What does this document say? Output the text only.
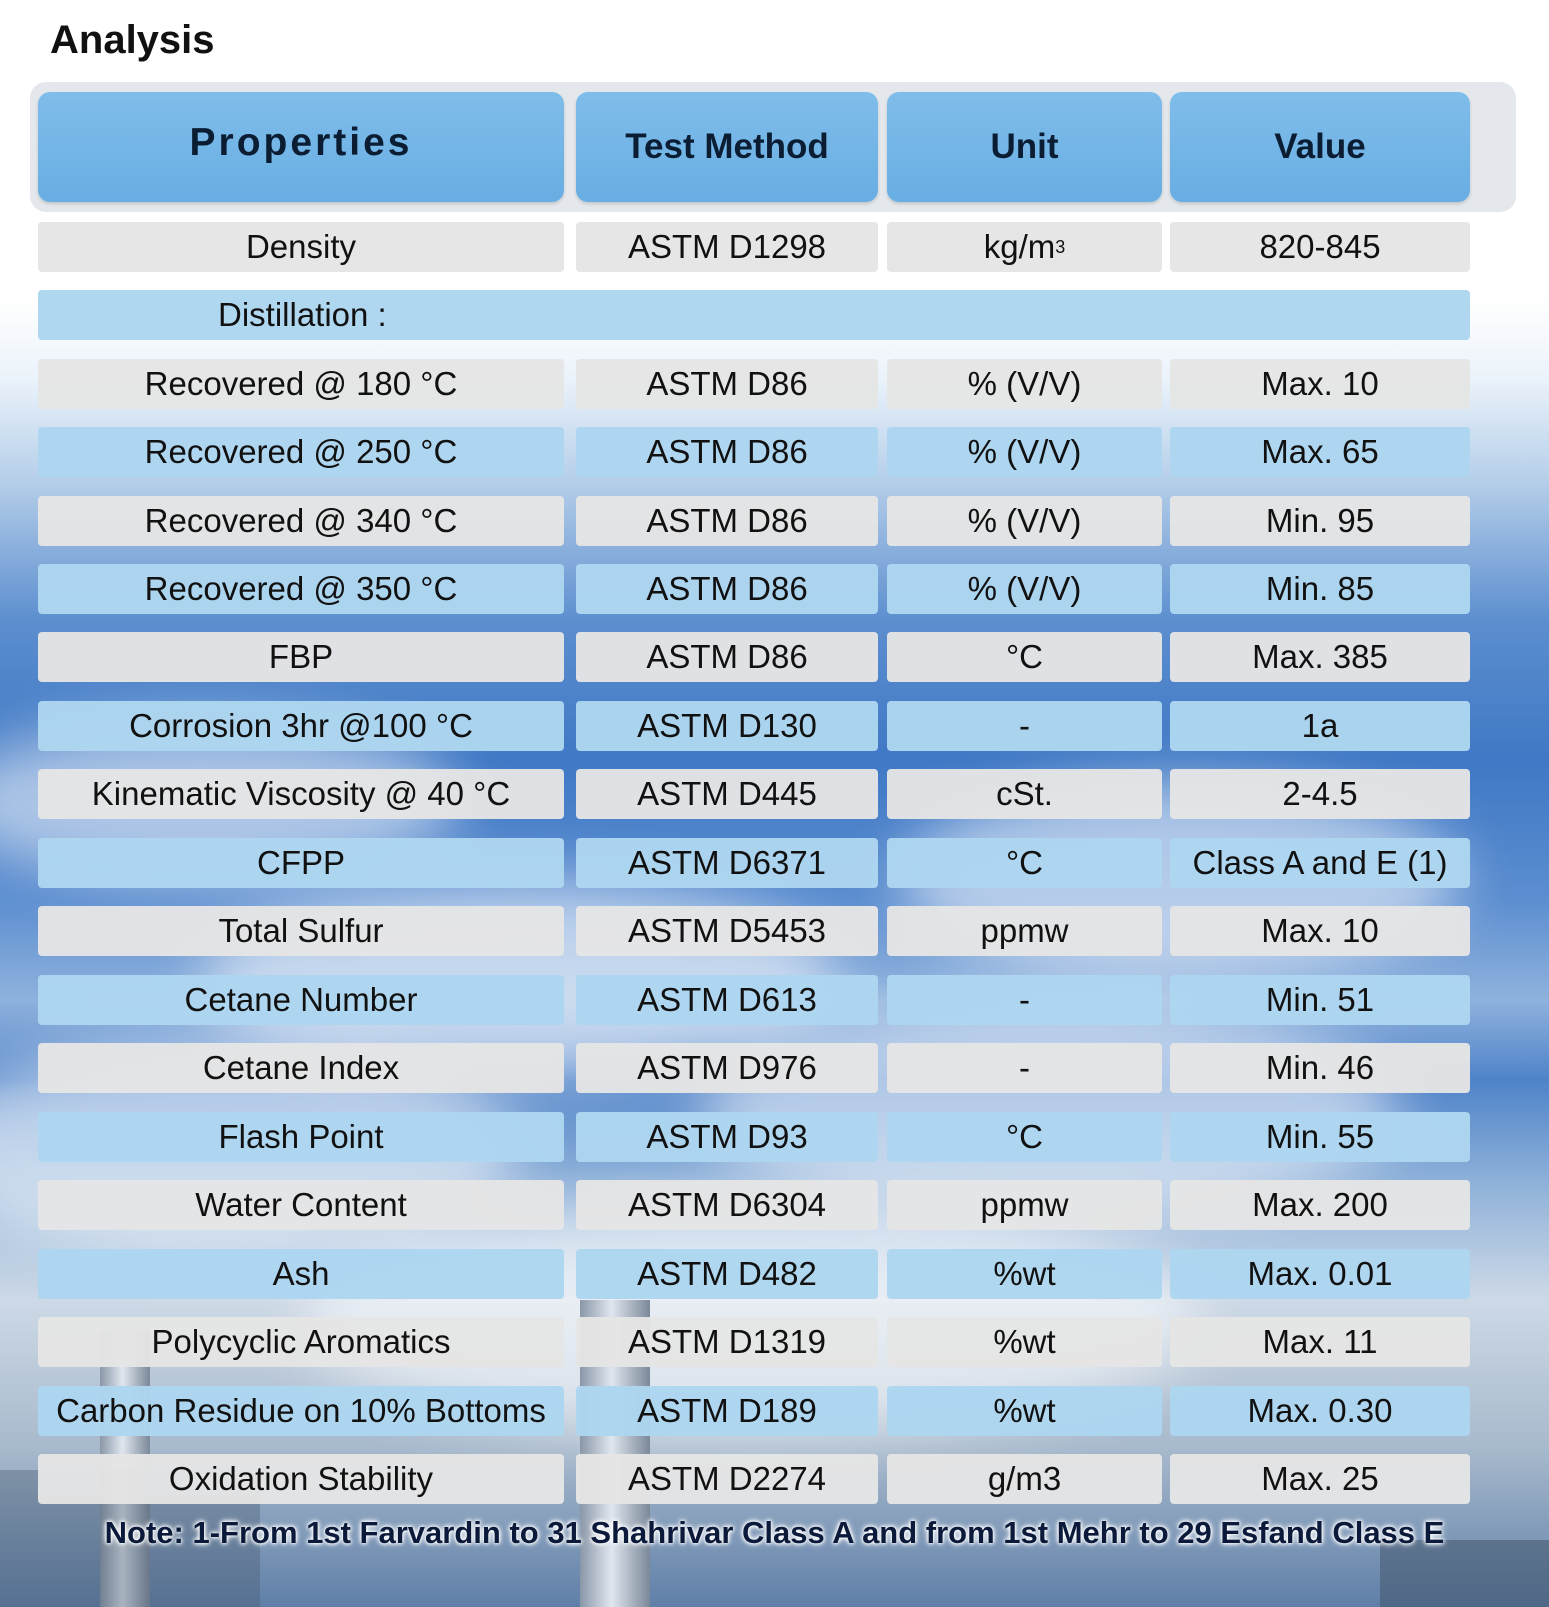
Analysis
Properties	Test Method	Unit	Value
Density	ASTM D1298	kg/m 3	820-845
Distillation :
Recovered @ 180 °C	ASTM D86	% (V/V)	Max. 10
Recovered @ 250 °C	ASTM D86	% (V/V)	Max. 65
Recovered @ 340 °C	ASTM D86	% (V/V)	Min. 95
Recovered @ 350 °C	ASTM D86	% (V/V)	Min. 85
FBP	ASTM D86	°C	Max. 385
Corrosion 3hr @100 °C	ASTM D130	-	1a
Kinematic Viscosity @ 40 °C	ASTM D445	cSt.	2-4.5
CFPP	ASTM D6371	°C	Class A and E (1)
Total Sulfur	ASTM D5453	ppmw	Max. 10
Cetane Number	ASTM D613	-	Min. 51
Cetane Index	ASTM D976	-	Min. 46
Flash Point	ASTM D93	°C	Min. 55
Water Content	ASTM D6304	ppmw	Max. 200
Ash	ASTM D482	%wt	Max. 0.01
Polycyclic Aromatics	ASTM D1319	%wt	Max. 11
Carbon Residue on 10% Bottoms	ASTM D189	%wt	Max. 0.30
Oxidation Stability	ASTM D2274	g/m3	Max. 25
Note: 1-From 1st Farvardin to 31 Shahrivar Class A and from 1st Mehr to 29 Esfand Class E
